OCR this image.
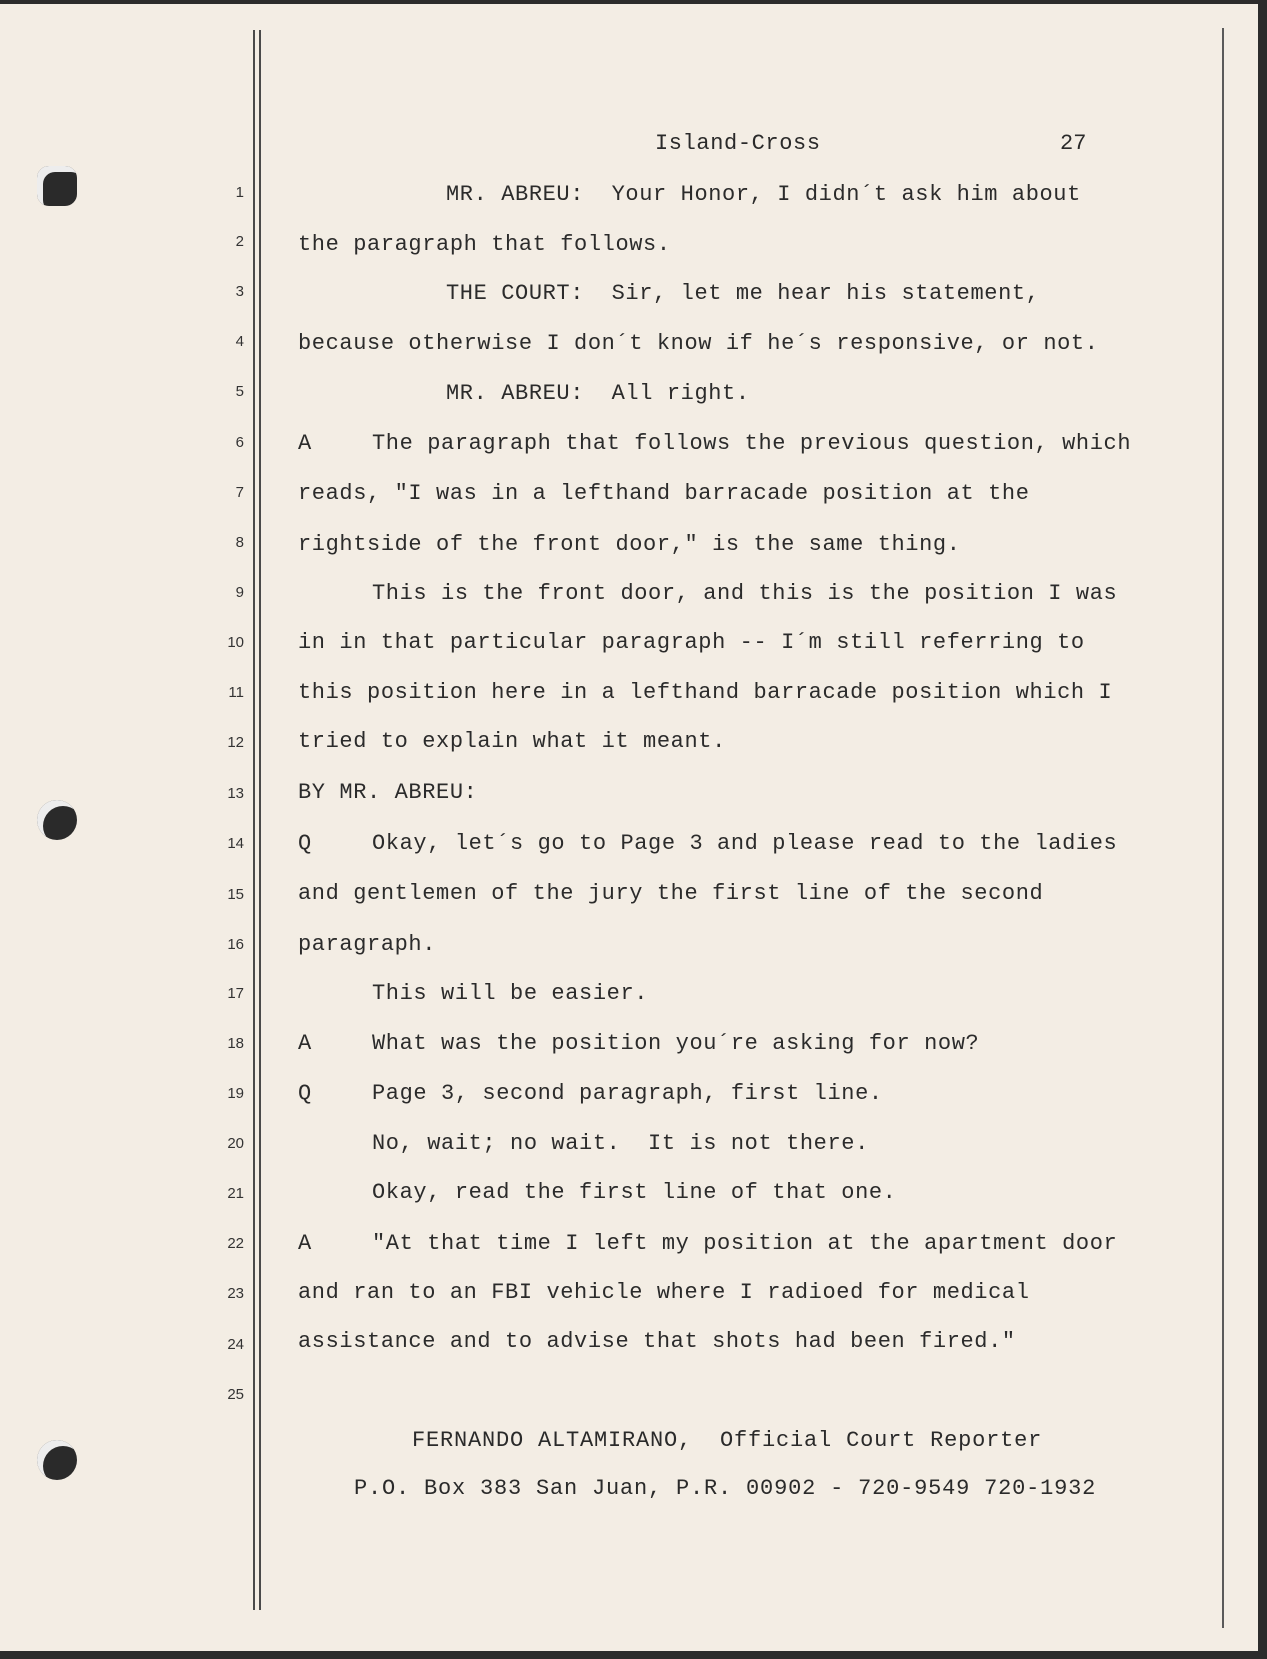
Island-Cross	27
1
2
3
4
5
6
7
8
9
10
11
12
13
14
15
16
17
18
19
20
21
22
23
24
25
MR. ABREU:  Your Honor, I didn´t ask him about
the paragraph that follows.
THE COURT:  Sir, let me hear his statement,
because otherwise I don´t know if he´s responsive, or not.
MR. ABREU:  All right.
A	The paragraph that follows the previous question, which
reads, "I was in a lefthand barracade position at the
rightside of the front door," is the same thing.
This is the front door, and this is the position I was
in in that particular paragraph -- I´m still referring to
this position here in a lefthand barracade position which I
tried to explain what it meant.
BY MR. ABREU:
Q	Okay, let´s go to Page 3 and please read to the ladies
and gentlemen of the jury the first line of the second
paragraph.
This will be easier.
A	What was the position you´re asking for now?
Q	Page 3, second paragraph, first line.
No, wait; no wait.  It is not there.
Okay, read the first line of that one.
A	"At that time I left my position at the apartment door
and ran to an FBI vehicle where I radioed for medical
assistance and to advise that shots had been fired."
FERNANDO ALTAMIRANO,  Official Court Reporter
P.O. Box 383 San Juan, P.R. 00902 - 720-9549 720-1932
